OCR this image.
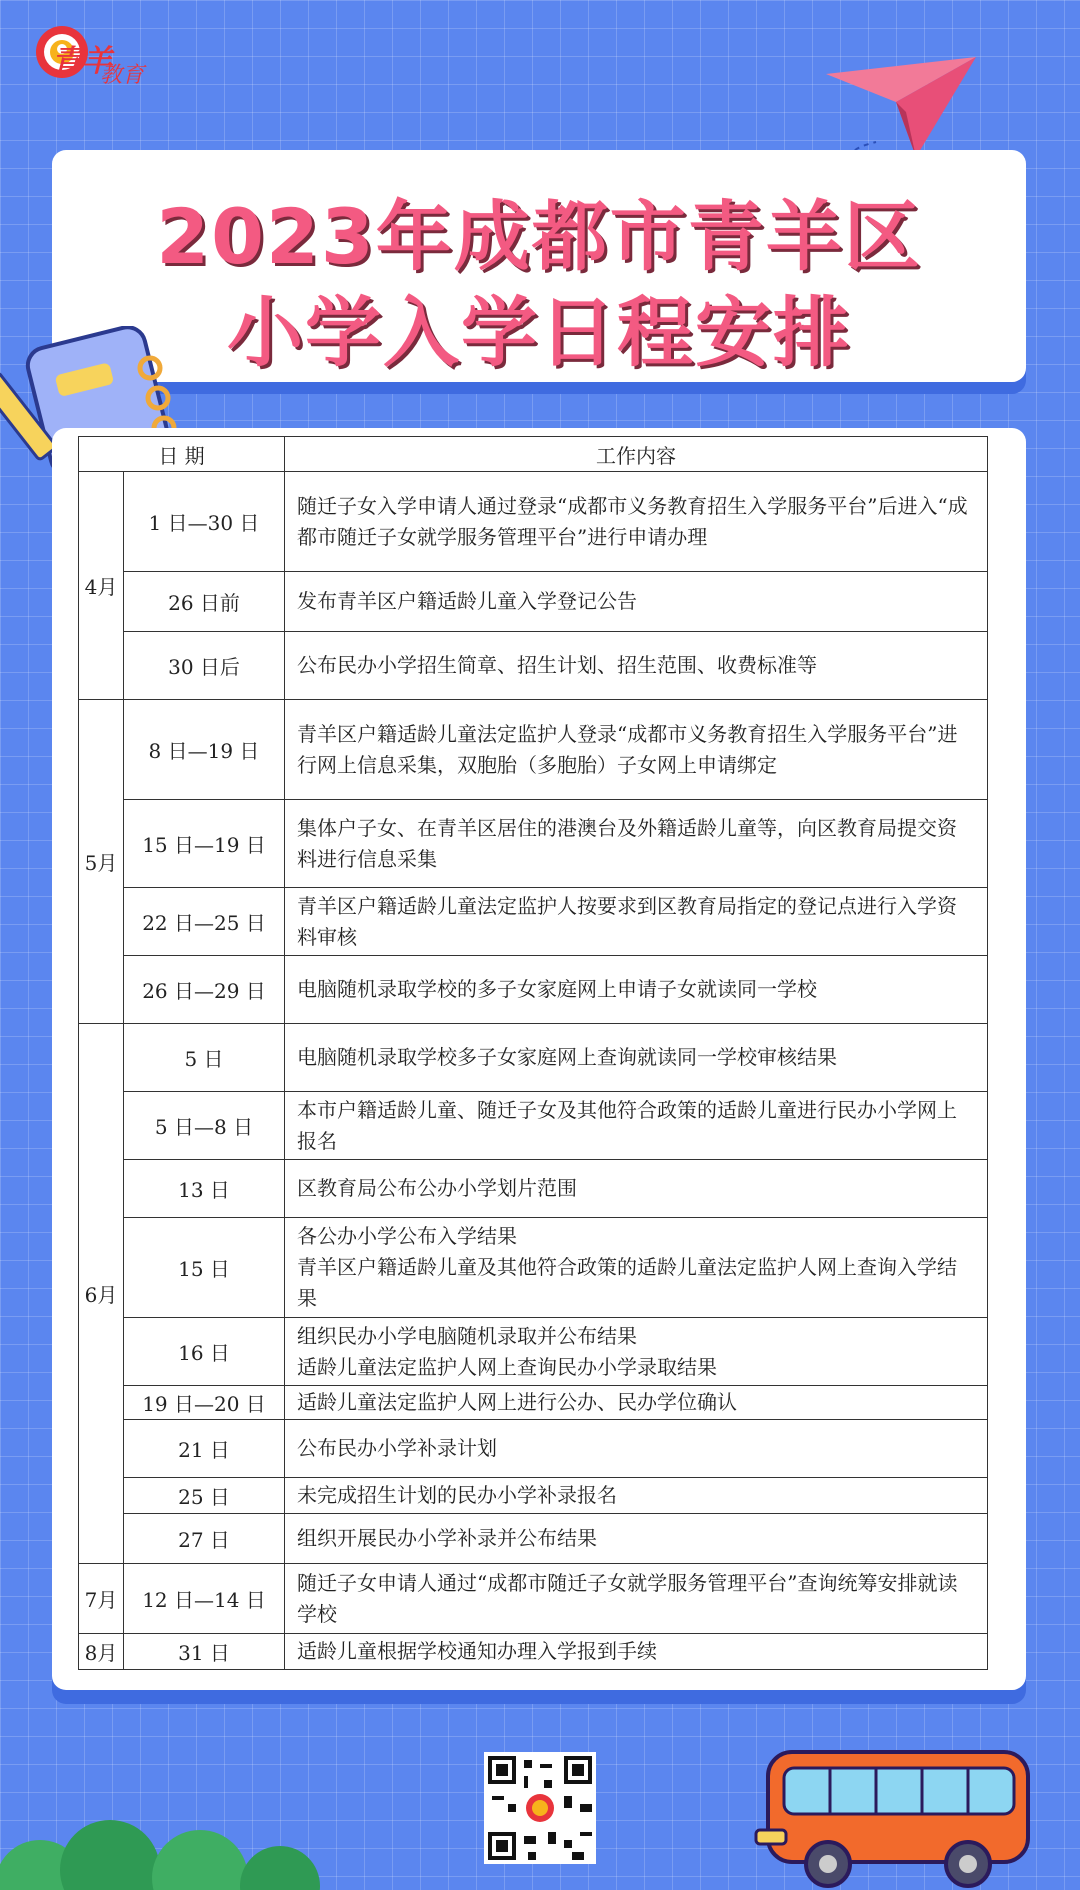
青羊
教育
2023年成都市青羊区
小学入学日程安排
日 期		工作内容
4月	1 日—30 日	随迁子女入学申请人通过登录“成都市义务教育招生入学服务平台”后进入“成都市随迁子女就学服务管理平台”进行申请办理
	26 日前	发布青羊区户籍适龄儿童入学登记公告
	30 日后	公布民办小学招生简章、招生计划、招生范围、收费标准等
5月	8 日—19 日	青羊区户籍适龄儿童法定监护人登录“成都市义务教育招生入学服务平台”进行网上信息采集，双胞胎（多胞胎）子女网上申请绑定
	15 日—19 日	集体户子女、在青羊区居住的港澳台及外籍适龄儿童等，向区教育局提交资料进行信息采集
	22 日—25 日	青羊区户籍适龄儿童法定监护人按要求到区教育局指定的登记点进行入学资料审核
	26 日—29 日	电脑随机录取学校的多子女家庭网上申请子女就读同一学校
6月	5 日	电脑随机录取学校多子女家庭网上查询就读同一学校审核结果
	5 日—8 日	本市户籍适龄儿童、随迁子女及其他符合政策的适龄儿童进行民办小学网上报名
	13 日	区教育局公布公办小学划片范围
	15 日	各公办小学公布入学结果
青羊区户籍适龄儿童及其他符合政策的适龄儿童法定监护人网上查询入学结果
	16 日	组织民办小学电脑随机录取并公布结果
适龄儿童法定监护人网上查询民办小学录取结果
	19 日—20 日	适龄儿童法定监护人网上进行公办、民办学位确认
	21 日	公布民办小学补录计划
	25 日	未完成招生计划的民办小学补录报名
	27 日	组织开展民办小学补录并公布结果
7月	12 日—14 日	随迁子女申请人通过“成都市随迁子女就学服务管理平台”查询统筹安排就读学校
8月	31 日	适龄儿童根据学校通知办理入学报到手续
